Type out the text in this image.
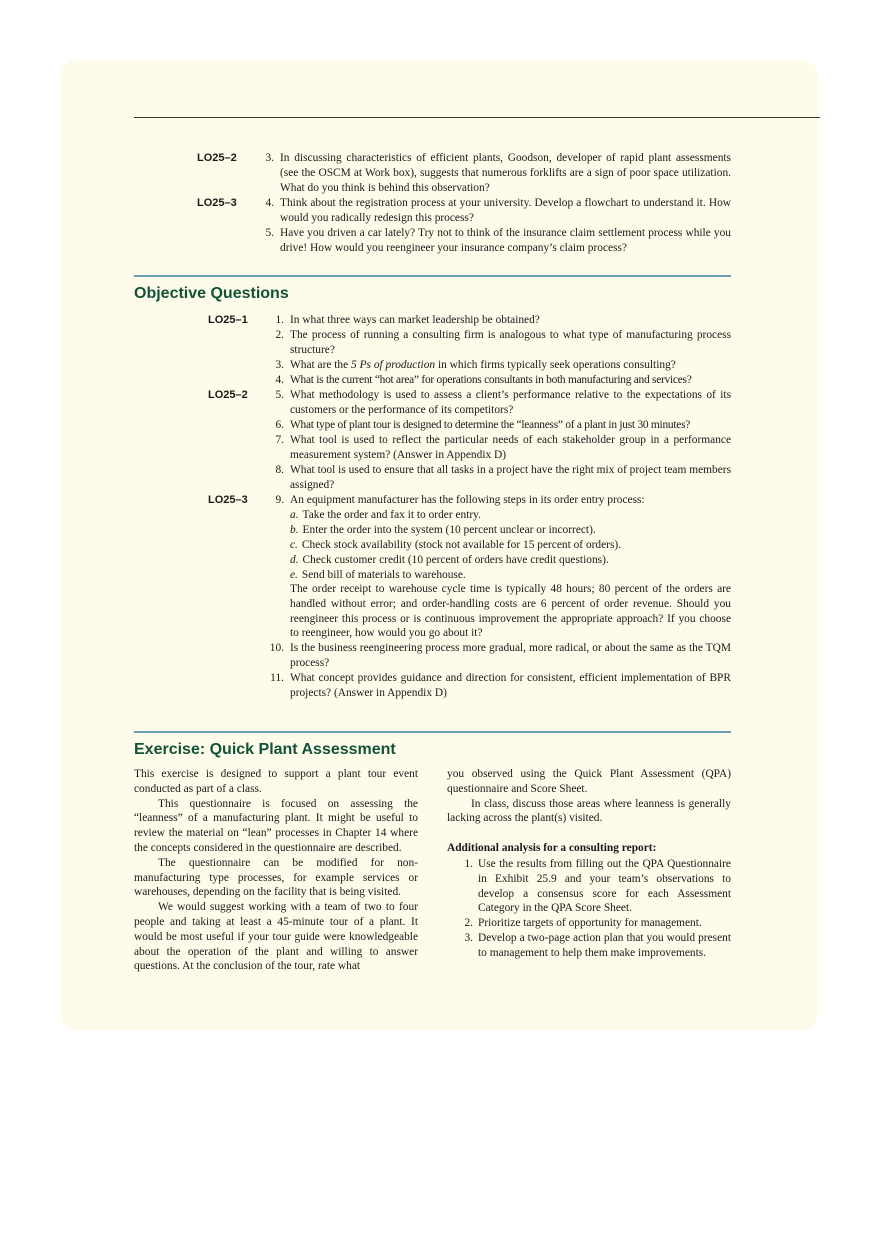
LO25–2	3. In discussing characteristics of efficient plants, Goodson, developer of rapid plant assessments (see the OSCM at Work box), suggests that numerous forklifts are a sign of poor space utilization. What do you think is behind this observation?
LO25–3	4. Think about the registration process at your university. Develop a flowchart to understand it. How would you radically redesign this process?
5. Have you driven a car lately? Try not to think of the insurance claim settlement process while you drive! How would you reengineer your insurance company’s claim process?
Objective Questions
LO25–1	1. In what three ways can market leadership be obtained?
2. The process of running a consulting firm is analogous to what type of manufacturing process structure?
3. What are the 5 Ps of production in which firms typically seek operations consulting?
4. What is the current “hot area” for operations consultants in both manufacturing and services?
LO25–2	5. What methodology is used to assess a client’s performance relative to the expectations of its customers or the performance of its competitors?
6. What type of plant tour is designed to determine the “leanness” of a plant in just 30 minutes?
7. What tool is used to reflect the particular needs of each stakeholder group in a performance measurement system? (Answer in Appendix D)
8. What tool is used to ensure that all tasks in a project have the right mix of project team members assigned?
LO25–3	9. An equipment manufacturer has the following steps in its order entry process:
a. Take the order and fax it to order entry.
b. Enter the order into the system (10 percent unclear or incorrect).
c. Check stock availability (stock not available for 15 percent of orders).
d. Check customer credit (10 percent of orders have credit questions).
e. Send bill of materials to warehouse.
The order receipt to warehouse cycle time is typically 48 hours; 80 percent of the orders are handled without error; and order-handling costs are 6 percent of order revenue. Should you reengineer this process or is continuous improvement the appropriate approach? If you choose to reengineer, how would you go about it?
10. Is the business reengineering process more gradual, more radical, or about the same as the TQM process?
11. What concept provides guidance and direction for consistent, efficient implementation of BPR projects? (Answer in Appendix D)
Exercise: Quick Plant Assessment

This exercise is designed to support a plant tour event conducted as part of a class.

This questionnaire is focused on assessing the “leanness” of a manufacturing plant. It might be useful to review the material on “lean” processes in Chapter 14 where the concepts considered in the questionnaire are described.

The questionnaire can be modified for non-manufacturing type processes, for example services or warehouses, depending on the facility that is being visited.

We would suggest working with a team of two to four people and taking at least a 45-minute tour of a plant. It would be most useful if your tour guide were knowledgeable about the operation of the plant and willing to answer questions. At the conclusion of the tour, rate what

you observed using the Quick Plant Assessment (QPA) questionnaire and Score Sheet.

In class, discuss those areas where leanness is generally lacking across the plant(s) visited.

Additional analysis for a consulting report:

1. Use the results from filling out the QPA Questionnaire in Exhibit 25.9 and your team’s observations to develop a consensus score for each Assessment Category in the QPA Score Sheet.
2. Prioritize targets of opportunity for management.
3. Develop a two-page action plan that you would present to management to help them make improvements.
